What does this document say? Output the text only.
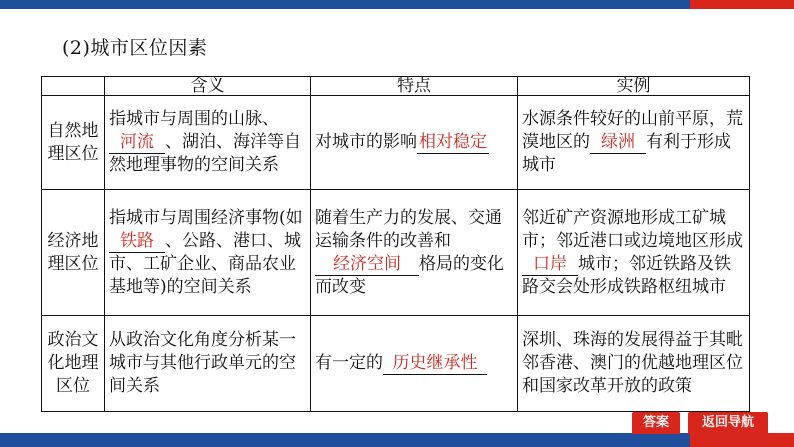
(2)城市区位因素
	含义	特点	实例
自然地
理区位	指城市与周围的山脉、河流 、湖泊、海洋等自然地理事物的空间关系	对城市的影响 相对稳定	水源条件较好的山前平原，荒漠地区的 绿洲 有利于形成城市
经济地
理区位	指城市与周围经济事物(如铁路 、公路、港口、城市、工矿企业、商品农业基地等)的空间关系	随着生产力的发展、交通运输条件的改善和经济空间 格局的变化而改变	邻近矿产资源地形成工矿城市；邻近港口或边境地区形成口岸 城市；邻近铁路及铁路交会处形成铁路枢纽城市
政治文
化地理
区位	从政治文化角度分析某一城市与其他行政单元的空间关系	有一定的 历史继承性	深圳、珠海的发展得益于其毗邻香港、澳门的优越地理区位和国家改革开放的政策
答案	返回导航
